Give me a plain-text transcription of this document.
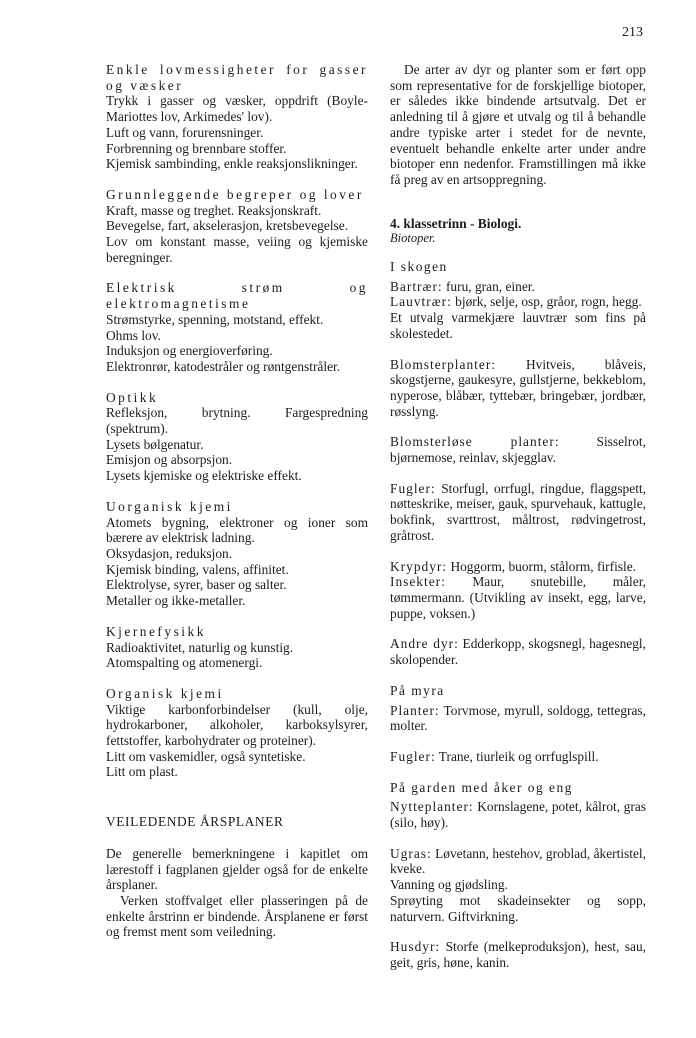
213
Enkle lovmessigheter for gasser og væsker

Trykk i gasser og væsker, oppdrift (Boyle-Mariottes lov, Arkimedes' lov).

Luft og vann, forurensninger.

Forbrenning og brennbare stoffer.

Kjemisk sambinding, enkle reaksjonslikninger.

Grunnleggende begreper og lover

Kraft, masse og treghet. Reaksjonskraft.

Bevegelse, fart, akselerasjon, kretsbevegelse.

Lov om konstant masse, veiing og kjemiske beregninger.

Elektrisk strøm og elektromagnetisme

Strømstyrke, spenning, motstand, effekt.

Ohms lov.

Induksjon og energioverføring.

Elektronrør, katodestråler og røntgenstråler.

Optikk

Refleksjon, brytning. Fargespredning (spektrum).

Lysets bølgenatur.

Emisjon og absorpsjon.

Lysets kjemiske og elektriske effekt.

Uorganisk kjemi

Atomets bygning, elektroner og ioner som bærere av elektrisk ladning.

Oksydasjon, reduksjon.

Kjemisk binding, valens, affinitet.

Elektrolyse, syrer, baser og salter.

Metaller og ikke-metaller.

Kjernefysikk

Radioaktivitet, naturlig og kunstig.

Atomspalting og atomenergi.

Organisk kjemi

Viktige karbonforbindelser (kull, olje, hydrokarboner, alkoholer, karboksylsyrer, fettstoffer, karbohydrater og proteiner).

Litt om vaskemidler, også syntetiske.

Litt om plast.

VEILEDENDE ÅRSPLANER

De generelle bemerkningene i kapitlet om lærestoff i fagplanen gjelder også for de enkelte årsplaner.

Verken stoffvalget eller plasseringen på de enkelte årstrinn er bindende. Årsplanene er først og fremst ment som veiledning.

De arter av dyr og planter som er ført opp som representative for de forskjellige biotoper, er således ikke bindende artsutvalg. Det er anledning til å gjøre et utvalg og til å behandle andre typiske arter i stedet for de nevnte, eventuelt behandle enkelte arter under andre biotoper enn nedenfor. Framstillingen må ikke få preg av en artsoppregning.

4. klassetrinn - Biologi.
Biotoper.
I skogen

Bartrær: furu, gran, einer.

Lauvtrær: bjørk, selje, osp, gråor, rogn, hegg.

Et utvalg varmekjære lauvtrær som fins på skolestedet.

Blomsterplanter: Hvitveis, blåveis, skogstjerne, gaukesyre, gullstjerne, bekkeblom, nyperose, blåbær, tyttebær, bringebær, jordbær, røsslyng.

Blomsterløse planter: Sisselrot, bjørnemose, reinlav, skjegglav.

Fugler: Storfugl, orrfugl, ringdue, flaggspett, nøtteskrike, meiser, gauk, spurvehauk, kattugle, bokfink, svarttrost, måltrost, rødvingetrost, gråtrost.

Krypdyr: Hoggorm, buorm, stålorm, firfisle.

Insekter: Maur, snutebille, måler, tømmermann. (Utvikling av insekt, egg, larve, puppe, voksen.)

Andre dyr: Edderkopp, skogsnegl, hagesnegl, skolopender.

På myra

Planter: Torvmose, myrull, soldogg, tettegras, molter.

Fugler: Trane, tiurleik og orrfuglspill.

På garden med åker og eng

Nytteplanter: Kornslagene, potet, kålrot, gras (silo, høy).

Ugras: Løvetann, hestehov, groblad, åkertistel, kveke.

Vanning og gjødsling.

Sprøyting mot skadeinsekter og sopp, naturvern. Giftvirkning.

Husdyr: Storfe (melkeproduksjon), hest, sau, geit, gris, høne, kanin.
